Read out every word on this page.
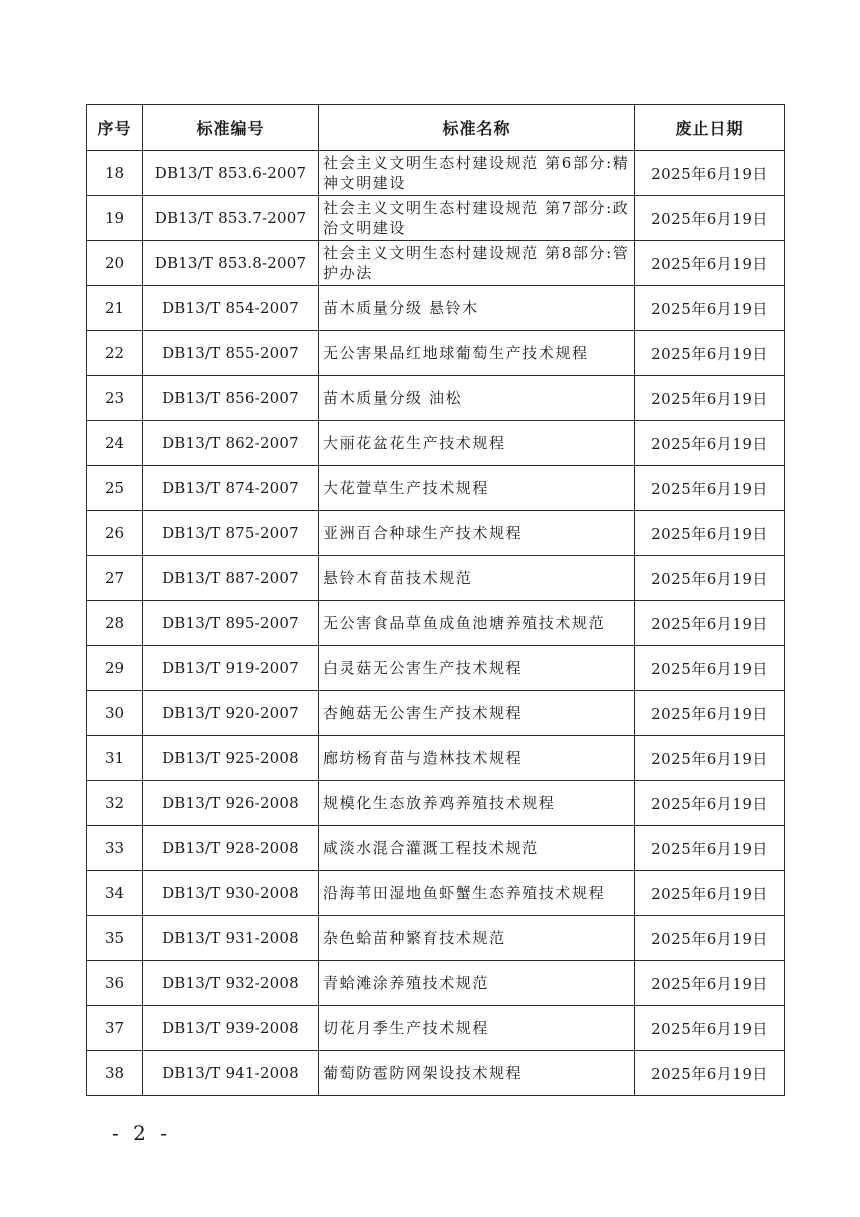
序号	标准编号	标准名称	废止日期
18	DB13/T 853.6-2007	社会主义文明生态村建设规范 第6部分:精神文明建设	2025年6月19日
19	DB13/T 853.7-2007	社会主义文明生态村建设规范 第7部分:政治文明建设	2025年6月19日
20	DB13/T 853.8-2007	社会主义文明生态村建设规范 第8部分:管护办法	2025年6月19日
21	DB13/T 854-2007	苗木质量分级 悬铃木	2025年6月19日
22	DB13/T 855-2007	无公害果品红地球葡萄生产技术规程	2025年6月19日
23	DB13/T 856-2007	苗木质量分级 油松	2025年6月19日
24	DB13/T 862-2007	大丽花盆花生产技术规程	2025年6月19日
25	DB13/T 874-2007	大花萱草生产技术规程	2025年6月19日
26	DB13/T 875-2007	亚洲百合种球生产技术规程	2025年6月19日
27	DB13/T 887-2007	悬铃木育苗技术规范	2025年6月19日
28	DB13/T 895-2007	无公害食品草鱼成鱼池塘养殖技术规范	2025年6月19日
29	DB13/T 919-2007	白灵菇无公害生产技术规程	2025年6月19日
30	DB13/T 920-2007	杏鲍菇无公害生产技术规程	2025年6月19日
31	DB13/T 925-2008	廊坊杨育苗与造林技术规程	2025年6月19日
32	DB13/T 926-2008	规模化生态放养鸡养殖技术规程	2025年6月19日
33	DB13/T 928-2008	咸淡水混合灌溉工程技术规范	2025年6月19日
34	DB13/T 930-2008	沿海苇田湿地鱼虾蟹生态养殖技术规程	2025年6月19日
35	DB13/T 931-2008	杂色蛤苗种繁育技术规范	2025年6月19日
36	DB13/T 932-2008	青蛤滩涂养殖技术规范	2025年6月19日
37	DB13/T 939-2008	切花月季生产技术规程	2025年6月19日
38	DB13/T 941-2008	葡萄防雹防网架设技术规程	2025年6月19日
- 2 -
